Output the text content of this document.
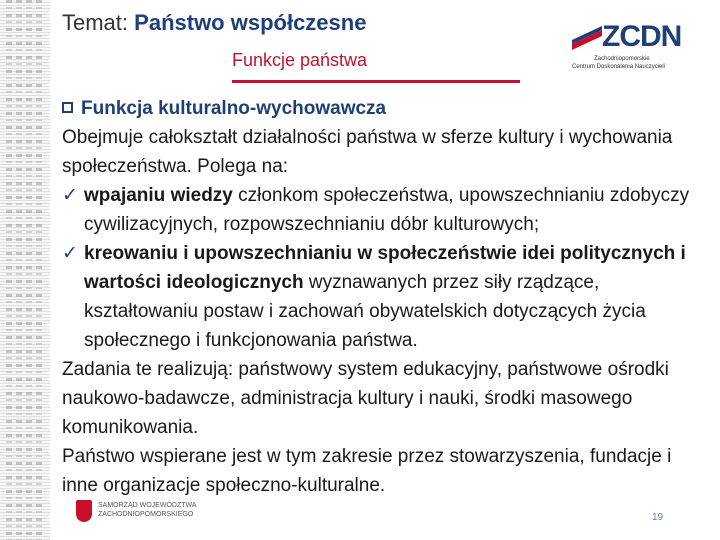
Temat: Państwo współczesne
Funkcje państwa
ZCDN
Zachodniopomorskie
Centrum Doskonalenia Nauczycieli

Funkcja kulturalno-wychowawcza

Obejmuje całokształt działalności państwa w sferze kultury i wychowania społeczeństwa. Polega na:

✓ wpajaniu wiedzy członkom społeczeństwa, upowszechnianiu zdobyczy cywilizacyjnych, rozpowszechnianiu dóbr kulturowych;

✓ kreowaniu i upowszechnianiu w społeczeństwie idei politycznych i wartości ideologicznych wyznawanych przez siły rządzące, kształtowaniu postaw i zachowań obywatelskich dotyczących życia społecznego i funkcjonowania państwa.

Zadania te realizują: państwowy system edukacyjny, państwowe ośrodki naukowo-badawcze, administracja kultury i nauki, środki masowego komunikowania.

Państwo wspierane jest w tym zakresie przez stowarzyszenia, fundacje i inne organizacje społeczno-kulturalne.

SAMORZĄD WOJEWÓDZTWA
ZACHODNIOPOMORSKIEGO	19
